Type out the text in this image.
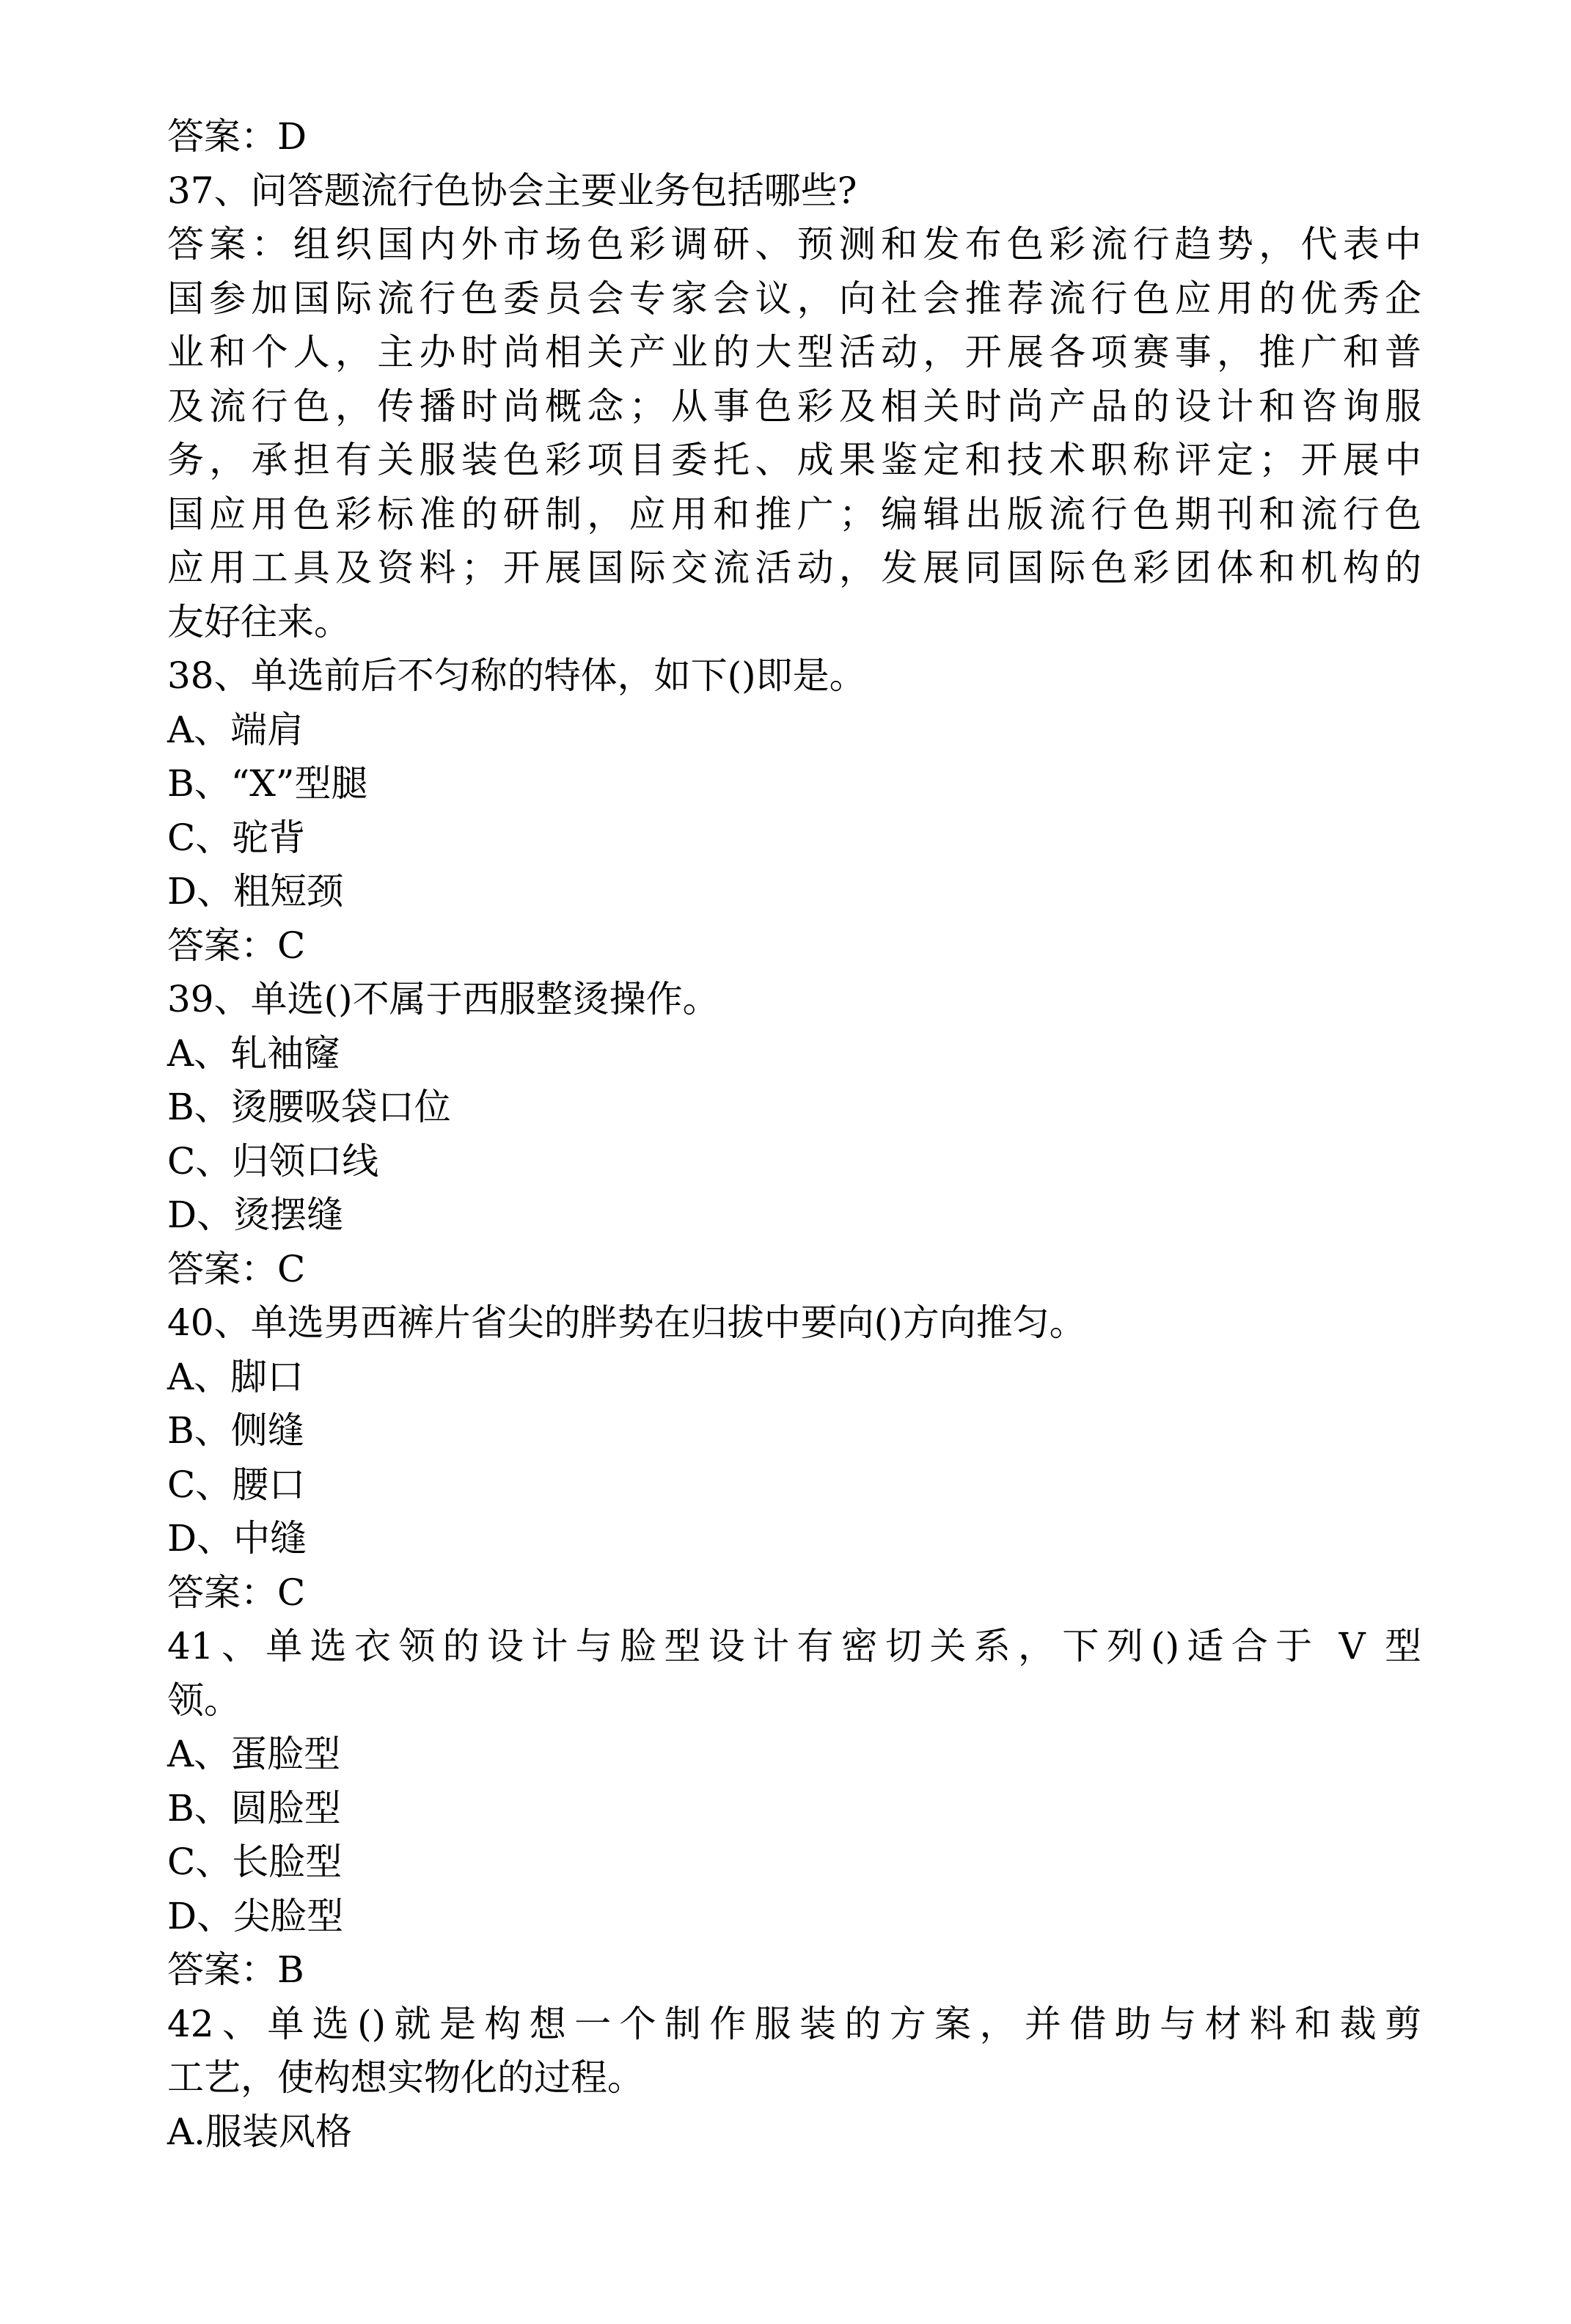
答案：D
37、问答题流行色协会主要业务包括哪些?
答案：组织国内外市场色彩调研、预测和发布色彩流行趋势，代表中
国参加国际流行色委员会专家会议，向社会推荐流行色应用的优秀企
业和个人，主办时尚相关产业的大型活动，开展各项赛事，推广和普
及流行色，传播时尚概念；从事色彩及相关时尚产品的设计和咨询服
务，承担有关服装色彩项目委托、成果鉴定和技术职称评定；开展中
国应用色彩标准的研制，应用和推广；编辑出版流行色期刊和流行色
应用工具及资料；开展国际交流活动，发展同国际色彩团体和机构的
友好往来。
38、单选前后不匀称的特体，如下()即是。
A、端肩
B、“X”型腿
C、驼背
D、粗短颈
答案：C
39、单选()不属于西服整烫操作。
A、轧袖窿
B、烫腰吸袋口位
C、归领口线
D、烫摆缝
答案：C
40、单选男西裤片省尖的胖势在归拔中要向()方向推匀。
A、脚口
B、侧缝
C、腰口
D、中缝
答案：C
41、单选衣领的设计与脸型设计有密切关系，下列()适合于 V 型
领。
A、蛋脸型
B、圆脸型
C、长脸型
D、尖脸型
答案：B
42、单选()就是构想一个制作服装的方案，并借助与材料和裁剪
工艺，使构想实物化的过程。
A.服装风格
